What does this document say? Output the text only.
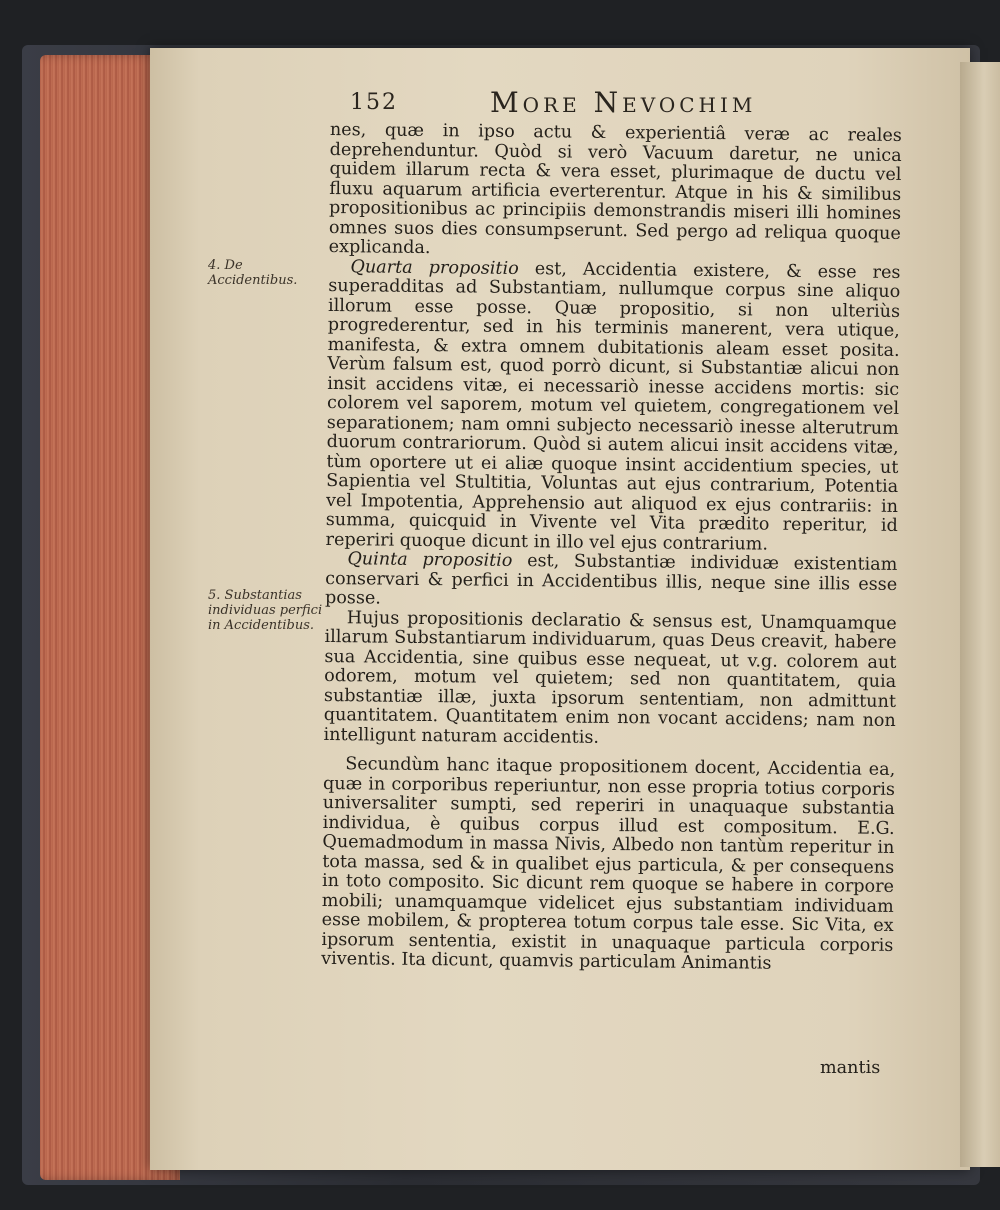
152	More Nevochim
4. De Accidentibus.
5. Substantias individuas perfici in Accidentibus.

nes, quæ in ipso actu & experientiâ veræ ac reales deprehenduntur. Quòd si verò Vacuum daretur, ne unica quidem illarum recta & vera esset, plurimaque de ductu vel fluxu aquarum artificia everterentur. Atque in his & similibus propositionibus ac principiis demonstrandis miseri illi homines omnes suos dies consumpserunt. Sed pergo ad reliqua quoque explicanda.

Quarta propositio est, Accidentia existere, & esse res superadditas ad Substantiam, nullumque corpus sine aliquo illorum esse posse. Quæ propositio, si non ulteriùs progrederentur, sed in his terminis manerent, vera utique, manifesta, & extra omnem dubitationis aleam esset posita. Verùm falsum est, quod porrò dicunt, si Substantiæ alicui non insit accidens vitæ, ei necessariò inesse accidens mortis: sic colorem vel saporem, motum vel quietem, congregationem vel separationem; nam omni subjecto necessariò inesse alterutrum duorum contrariorum. Quòd si autem alicui insit accidens vitæ, tùm oportere ut ei aliæ quoque insint accidentium species, ut Sapientia vel Stultitia, Voluntas aut ejus contrarium, Potentia vel Impotentia, Apprehensio aut aliquod ex ejus contrariis: in summa, quicquid in Vivente vel Vita prædito reperitur, id reperiri quoque dicunt in illo vel ejus contrarium.

Quinta propositio est, Substantiæ individuæ existentiam conservari & perfici in Accidentibus illis, neque sine illis esse posse.

Hujus propositionis declaratio & sensus est, Unamquamque illarum Substantiarum individuarum, quas Deus creavit, habere sua Accidentia, sine quibus esse nequeat, ut v.g. colorem aut odorem, motum vel quietem; sed non quantitatem, quia substantiæ illæ, juxta ipsorum sententiam, non admittunt quantitatem. Quantitatem enim non vocant accidens; nam non intelligunt naturam accidentis.

Secundùm hanc itaque propositionem docent, Accidentia ea, quæ in corporibus reperiuntur, non esse propria totius corporis universaliter sumpti, sed reperiri in unaquaque substantia individua, è quibus corpus illud est compositum. E.G. Quemadmodum in massa Nivis, Albedo non tantùm reperitur in tota massa, sed & in qualibet ejus particula, & per consequens in toto composito. Sic dicunt rem quoque se habere in corpore mobili; unamquamque videlicet ejus substantiam individuam esse mobilem, & propterea totum corpus tale esse. Sic Vita, ex ipsorum sententia, existit in unaquaque particula corporis viventis. Ita dicunt, quamvis particulam Animantis

mantis
